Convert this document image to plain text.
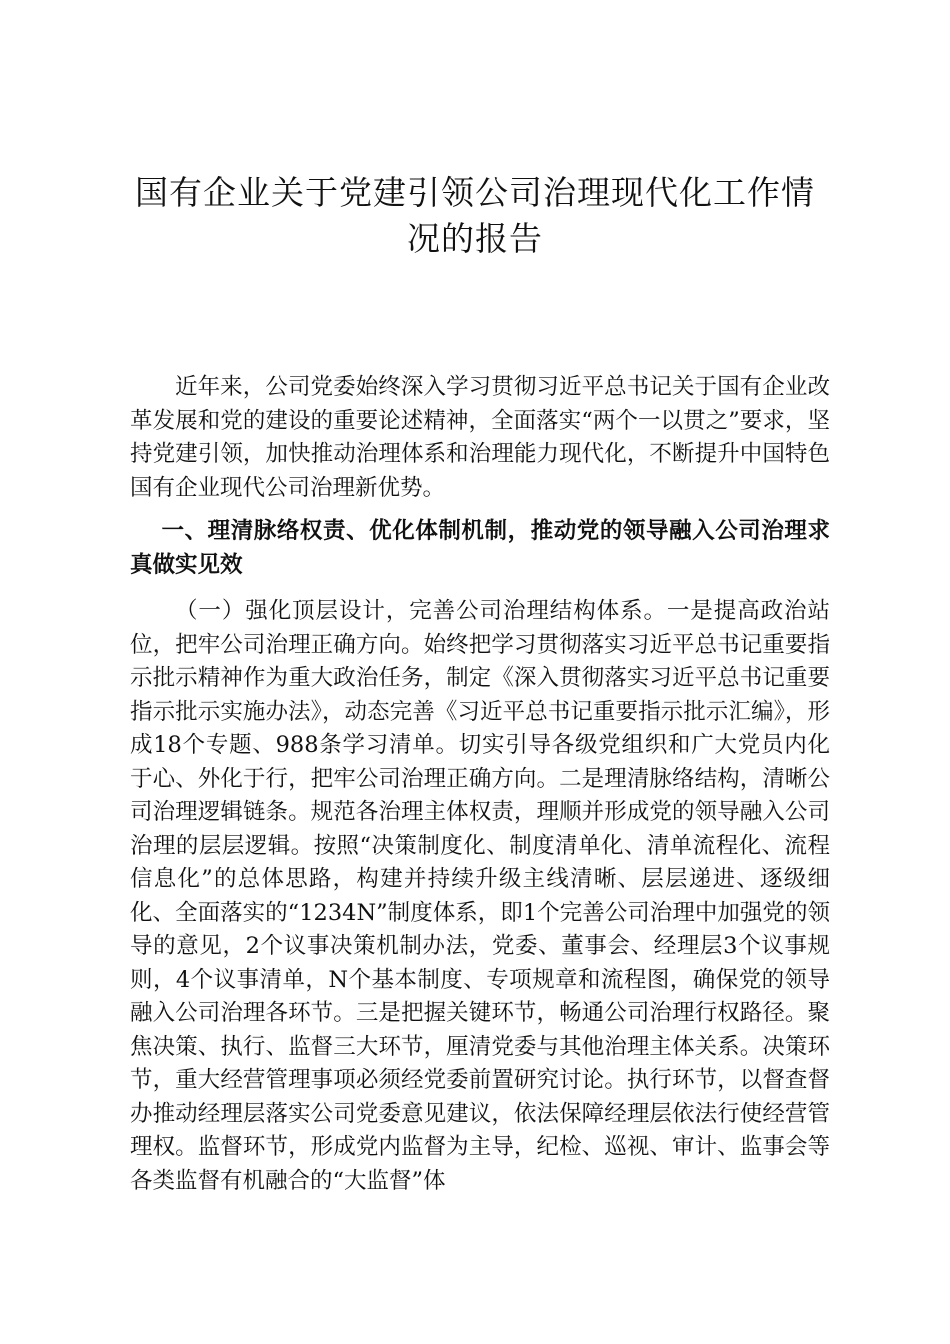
国有企业关于党建引领公司治理现代化工作情况的报告

近年来，公司党委始终深入学习贯彻习近平总书记关于国有企业改革发展和党的建设的重要论述精神，全面落实“两个一以贯之”要求，坚持党建引领，加快推动治理体系和治理能力现代化，不断提升中国特色国有企业现代公司治理新优势。

一、理清脉络权责、优化体制机制，推动党的领导融入公司治理求真做实见效

（一）强化顶层设计，完善公司治理结构体系。一是提高政治站位，把牢公司治理正确方向。始终把学习贯彻落实习近平总书记重要指示批示精神作为重大政治任务，制定《深入贯彻落实习近平总书记重要指示批示实施办法》，动态完善《习近平总书记重要指示批示汇编》，形成18个专题、988条学习清单。切实引导各级党组织和广大党员内化于心、外化于行，把牢公司治理正确方向。二是理清脉络结构，清晰公司治理逻辑链条。规范各治理主体权责，理顺并形成党的领导融入公司治理的层层逻辑。按照“决策制度化、制度清单化、清单流程化、流程信息化”的总体思路，构建并持续升级主线清晰、层层递进、逐级细化、全面落实的“1234N”制度体系，即1个完善公司治理中加强党的领导的意见，2个议事决策机制办法，党委、董事会、经理层3个议事规则，4个议事清单，N个基本制度、专项规章和流程图，确保党的领导融入公司治理各环节。三是把握关键环节，畅通公司治理行权路径。聚焦决策、执行、监督三大环节，厘清党委与其他治理主体关系。决策环节，重大经营管理事项必须经党委前置研究讨论。执行环节，以督查督办推动经理层落实公司党委意见建议，依法保障经理层依法行使经营管理权。监督环节，形成党内监督为主导，纪检、巡视、审计、监事会等各类监督有机融合的“大监督”体
